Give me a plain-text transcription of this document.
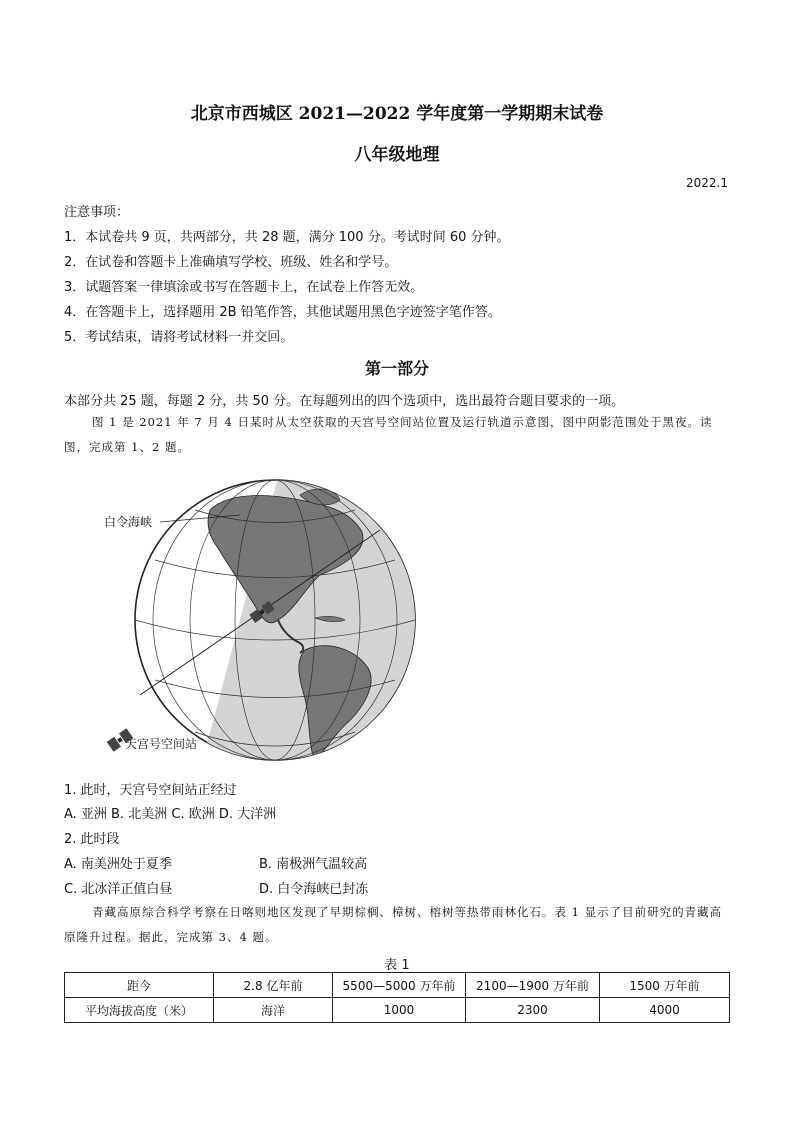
北京市西城区 2021—2022 学年度第一学期期末试卷
八年级地理
2022.1
注意事项：
1．本试卷共 9 页，共两部分，共 28 题，满分 100 分。考试时间 60 分钟。
2．在试卷和答题卡上准确填写学校、班级、姓名和学号。
3．试题答案一律填涂或书写在答题卡上，在试卷上作答无效。
4．在答题卡上，选择题用 2B 铅笔作答，其他试题用黑色字迹签字笔作答。
5．考试结束，请将考试材料一并交回。
第一部分
本部分共 25 题，每题 2 分，共 50 分。在每题列出的四个选项中，选出最符合题目要求的一项。
图 1 是 2021 年 7 月 4 日某时从太空获取的天宫号空间站位置及运行轨道示意图，图中阴影范围处于黑夜。读图，完成第 1、2 题。
白令海峡
天宫号空间站
1. 此时，天宫号空间站正经过
A. 亚洲 B. 北美洲 C. 欧洲 D. 大洋洲
2. 此时段
A. 南美洲处于夏季	B. 南极洲气温较高
C. 北冰洋正值白昼	D. 白令海峡已封冻
青藏高原综合科学考察在日喀则地区发现了早期棕榈、樟树、榕树等热带雨林化石。表 1 显示了目前研究的青藏高原隆升过程。据此，完成第 3、4 题。
表 1
距今	2.8 亿年前	5500—5000 万年前	2100—1900 万年前	1500 万年前
平均海拔高度（米）	海洋	1000	2300	4000
